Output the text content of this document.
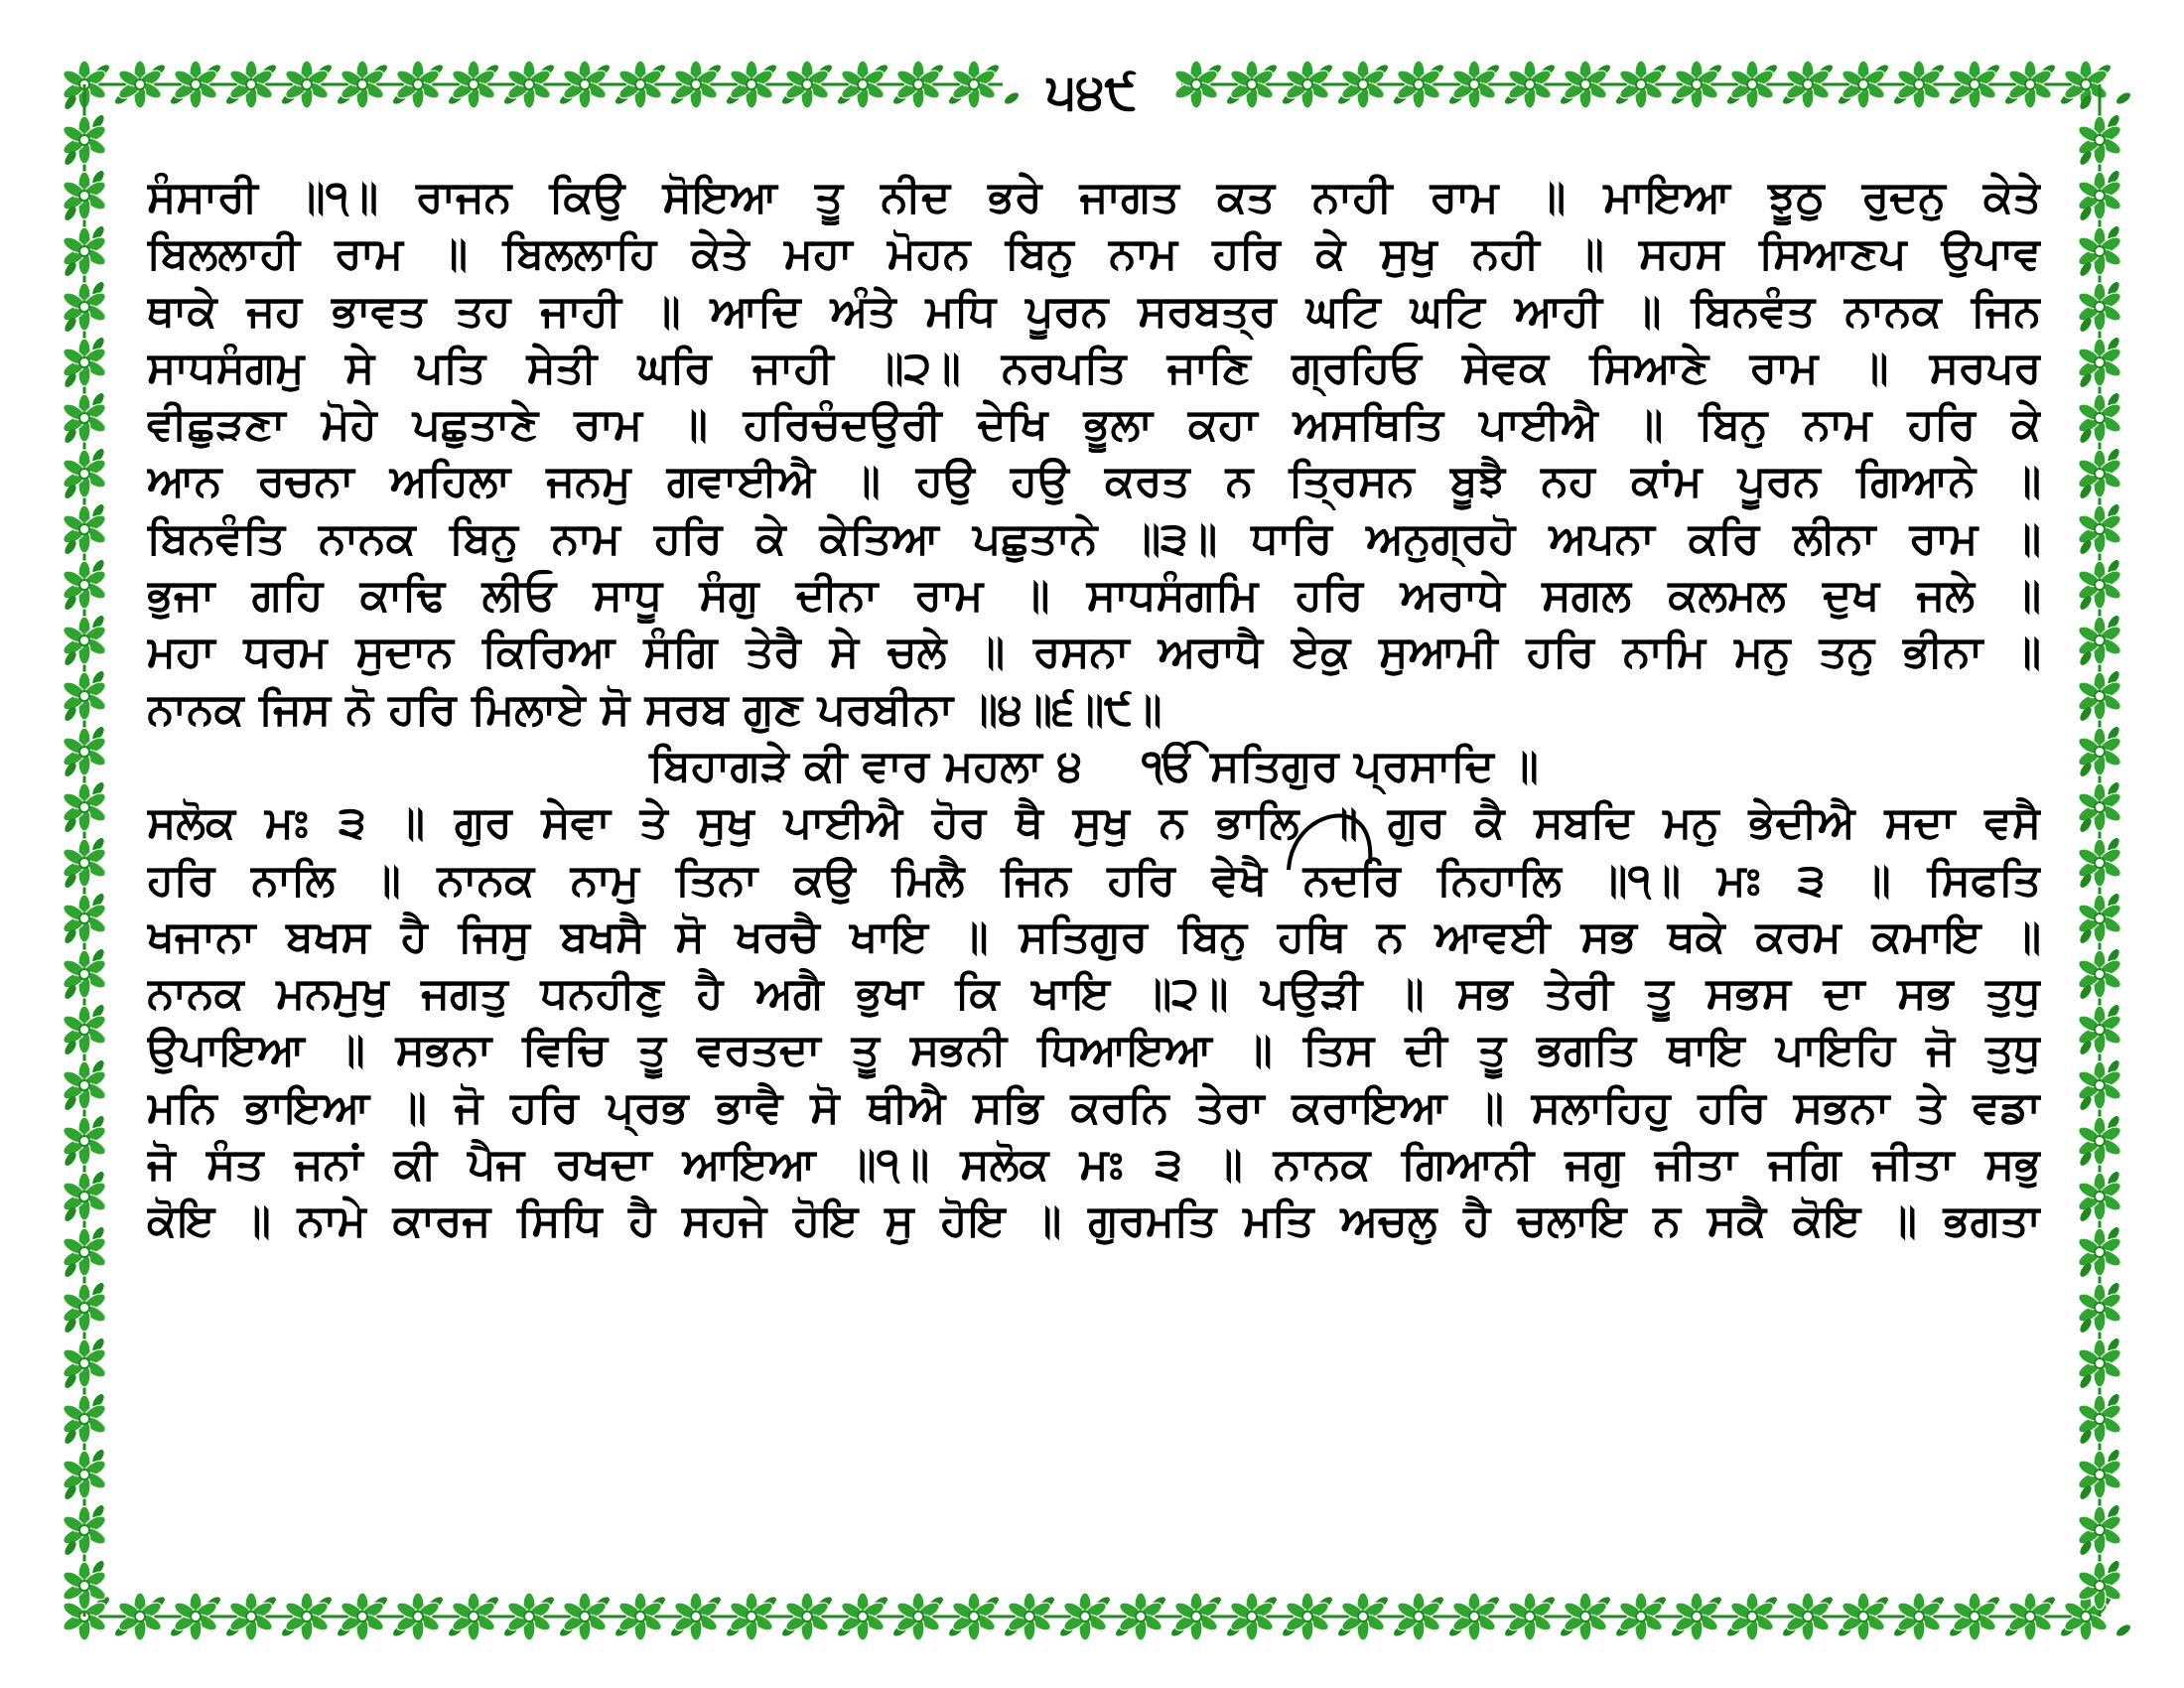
੫੪੯
ਸੰਸਾਰੀ ॥੧॥ ਰਾਜਨ ਕਿਉ ਸੋਇਆ ਤੂ ਨੀਦ ਭਰੇ ਜਾਗਤ ਕਤ ਨਾਹੀ ਰਾਮ ॥ ਮਾਇਆ ਝੂਠੁ ਰੁਦਨੁ ਕੇਤੇ
ਬਿਲਲਾਹੀ ਰਾਮ ॥ ਬਿਲਲਾਹਿ ਕੇਤੇ ਮਹਾ ਮੋਹਨ ਬਿਨੁ ਨਾਮ ਹਰਿ ਕੇ ਸੁਖੁ ਨਹੀ ॥ ਸਹਸ ਸਿਆਣਪ ਉਪਾਵ
ਥਾਕੇ ਜਹ ਭਾਵਤ ਤਹ ਜਾਹੀ ॥ ਆਦਿ ਅੰਤੇ ਮਧਿ ਪੂਰਨ ਸਰਬਤ੍ਰ ਘਟਿ ਘਟਿ ਆਹੀ ॥ ਬਿਨਵੰਤ ਨਾਨਕ ਜਿਨ
ਸਾਧਸੰਗਮੁ ਸੇ ਪਤਿ ਸੇਤੀ ਘਰਿ ਜਾਹੀ ॥੨॥ ਨਰਪਤਿ ਜਾਣਿ ਗ੍ਰਹਿਓ ਸੇਵਕ ਸਿਆਣੇ ਰਾਮ ॥ ਸਰਪਰ
ਵੀਛੁੜਣਾ ਮੋਹੇ ਪਛੁਤਾਣੇ ਰਾਮ ॥ ਹਰਿਚੰਦਉਰੀ ਦੇਖਿ ਭੂਲਾ ਕਹਾ ਅਸਥਿਤਿ ਪਾਈਐ ॥ ਬਿਨੁ ਨਾਮ ਹਰਿ ਕੇ
ਆਨ ਰਚਨਾ ਅਹਿਲਾ ਜਨਮੁ ਗਵਾਈਐ ॥ ਹਉ ਹਉ ਕਰਤ ਨ ਤ੍ਰਿਸਨ ਬੂਝੈ ਨਹ ਕਾਂਮ ਪੂਰਨ ਗਿਆਨੇ ॥
ਬਿਨਵੰਤਿ ਨਾਨਕ ਬਿਨੁ ਨਾਮ ਹਰਿ ਕੇ ਕੇਤਿਆ ਪਛੁਤਾਨੇ ॥੩॥ ਧਾਰਿ ਅਨੁਗ੍ਰਹੋ ਅਪਨਾ ਕਰਿ ਲੀਨਾ ਰਾਮ ॥
ਭੁਜਾ ਗਹਿ ਕਾਢਿ ਲੀਓ ਸਾਧੂ ਸੰਗੁ ਦੀਨਾ ਰਾਮ ॥ ਸਾਧਸੰਗਮਿ ਹਰਿ ਅਰਾਧੇ ਸਗਲ ਕਲਮਲ ਦੁਖ ਜਲੇ ॥
ਮਹਾ ਧਰਮ ਸੁਦਾਨ ਕਿਰਿਆ ਸੰਗਿ ਤੇਰੈ ਸੇ ਚਲੇ ॥ ਰਸਨਾ ਅਰਾਧੈ ਏਕੁ ਸੁਆਮੀ ਹਰਿ ਨਾਮਿ ਮਨੁ ਤਨੁ ਭੀਨਾ ॥
ਨਾਨਕ ਜਿਸ ਨੋ ਹਰਿ ਮਿਲਾਏ ਸੋ ਸਰਬ ਗੁਣ ਪਰਬੀਨਾ ॥੪॥੬॥੯॥
ਬਿਹਾਗੜੇ ਕੀ ਵਾਰ ਮਹਲਾ ੪ ੴ ਸਤਿਗੁਰ ਪ੍ਰਸਾਦਿ ॥
ਸਲੋਕ ਮਃ ੩ ॥ ਗੁਰ ਸੇਵਾ ਤੇ ਸੁਖੁ ਪਾਈਐ ਹੋਰ ਥੈ ਸੁਖੁ ਨ ਭਾਲਿ ॥ ਗੁਰ ਕੈ ਸਬਦਿ ਮਨੁ ਭੇਦੀਐ ਸਦਾ ਵਸੈ
ਹਰਿ ਨਾਲਿ ॥ ਨਾਨਕ ਨਾਮੁ ਤਿਨਾ ਕਉ ਮਿਲੈ ਜਿਨ ਹਰਿ ਵੇਖੈ ਨਦਰਿ ਨਿਹਾਲਿ ॥੧॥ ਮਃ ੩ ॥ ਸਿਫਤਿ
ਖਜਾਨਾ ਬਖਸ ਹੈ ਜਿਸੁ ਬਖਸੈ ਸੋ ਖਰਚੈ ਖਾਇ ॥ ਸਤਿਗੁਰ ਬਿਨੁ ਹਥਿ ਨ ਆਵਈ ਸਭ ਥਕੇ ਕਰਮ ਕਮਾਇ ॥
ਨਾਨਕ ਮਨਮੁਖੁ ਜਗਤੁ ਧਨਹੀਣੁ ਹੈ ਅਗੈ ਭੁਖਾ ਕਿ ਖਾਇ ॥੨॥ ਪਉੜੀ ॥ ਸਭ ਤੇਰੀ ਤੂ ਸਭਸ ਦਾ ਸਭ ਤੁਧੁ
ਉਪਾਇਆ ॥ ਸਭਨਾ ਵਿਚਿ ਤੂ ਵਰਤਦਾ ਤੂ ਸਭਨੀ ਧਿਆਇਆ ॥ ਤਿਸ ਦੀ ਤੂ ਭਗਤਿ ਥਾਇ ਪਾਇਹਿ ਜੋ ਤੁਧੁ
ਮਨਿ ਭਾਇਆ ॥ ਜੋ ਹਰਿ ਪ੍ਰਭ ਭਾਵੈ ਸੋ ਥੀਐ ਸਭਿ ਕਰਨਿ ਤੇਰਾ ਕਰਾਇਆ ॥ ਸਲਾਹਿਹੁ ਹਰਿ ਸਭਨਾ ਤੇ ਵਡਾ
ਜੋ ਸੰਤ ਜਨਾਂ ਕੀ ਪੈਜ ਰਖਦਾ ਆਇਆ ॥੧॥ ਸਲੋਕ ਮਃ ੩ ॥ ਨਾਨਕ ਗਿਆਨੀ ਜਗੁ ਜੀਤਾ ਜਗਿ ਜੀਤਾ ਸਭੁ
ਕੋਇ ॥ ਨਾਮੇ ਕਾਰਜ ਸਿਧਿ ਹੈ ਸਹਜੇ ਹੋਇ ਸੁ ਹੋਇ ॥ ਗੁਰਮਤਿ ਮਤਿ ਅਚਲੁ ਹੈ ਚਲਾਇ ਨ ਸਕੈ ਕੋਇ ॥ ਭਗਤਾ
